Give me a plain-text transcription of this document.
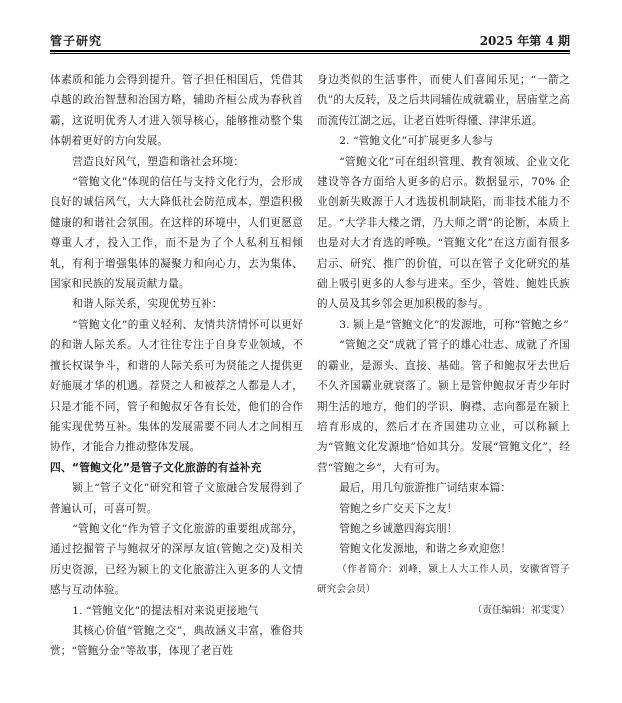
管子研究	2025 年第 4 期

体素质和能力会得到提升。管子担任相国后，凭借其卓越的政治智慧和治国方略，辅助齐桓公成为春秋首霸，这说明优秀人才进入领导核心，能够推动整个集体朝着更好的方向发展。

营造良好风气，塑造和谐社会环境：

“管鲍文化”体现的信任与支持文化行为，会形成良好的诚信风气，大大降低社会防范成本，塑造积极健康的和谐社会氛围。在这样的环境中，人们更愿意尊重人才，投入工作，而不是为了个人私利互相倾轧，有利于增强集体的凝聚力和向心力，去为集体、国家和民族的发展贡献力量。

和谐人际关系，实现优势互补：

“管鲍文化”的重义轻利、友情共济情怀可以更好的和谐人际关系。人才往往专注于自身专业领域，不擅长权谋争斗，和谐的人际关系可为贤能之人提供更好施展才华的机遇。荐贤之人和被荐之人都是人才，只是才能不同，管子和鲍叔牙各有长处，他们的合作能实现优势互补。集体的发展需要不同人才之间相互协作，才能合力推动整体发展。

四、“管鲍文化”是管子文化旅游的有益补充

颍上“管子文化”研究和管子文旅融合发展得到了普遍认可，可喜可贺。

“管鲍文化”作为管子文化旅游的重要组成部分，通过挖掘管子与鲍叔牙的深厚友谊(管鲍之交)及相关历史资源，已经为颍上的文化旅游注入更多的人文情感与互动体验。

1. “管鲍文化”的提法相对来说更接地气

其核心价值“管鲍之交”，典故涵义丰富，雅俗共赏；“管鲍分金”等故事，体现了老百姓

身边类似的生活事件，而使人们喜闻乐见；“一箭之仇”的大反转，及之后共同辅佐成就霸业，居庙堂之高而流传江湖之远，让老百姓听得懂、津津乐道。

2. “管鲍文化”可扩展更多人参与

“管鲍文化”可在组织管理、教育领域、企业文化建设等各方面给人更多的启示。数据显示，70% 企业创新失败源于人才选拔机制缺陷，而非技术能力不足。“大学非大楼之谓，乃大师之谓”的论断，本质上也是对大才育选的呼唤。“管鲍文化”在这方面有很多启示、研究、推广的价值，可以在管子文化研究的基础上吸引更多的人参与进来。至少，管姓、鲍姓氏族的人员及其乡邻会更加积极的参与。

3. 颍上是“管鲍文化”的发源地，可称“管鲍之乡”

“管鲍之交”成就了管子的雄心壮志、成就了齐国的霸业，是源头、直接、基础。管子和鲍叔牙去世后不久齐国霸业就衰落了。颍上是管仲鲍叔牙青少年时期生活的地方，他们的学识、胸襟、志向都是在颍上培育形成的，然后才在齐国建功立业，可以称颍上为“管鲍文化发源地”恰如其分。发展“管鲍文化”，经营“管鲍之乡”，大有可为。

最后，用几句旅游推广词结束本篇：

管鲍之乡广交天下之友！

管鲍之乡诚邀四海宾朋！

管鲍文化发源地，和谐之乡欢迎您！

（作者简介：刘峰，颍上人大工作人员，安徽省管子研究会会员）

（责任编辑：祁雯雯）
